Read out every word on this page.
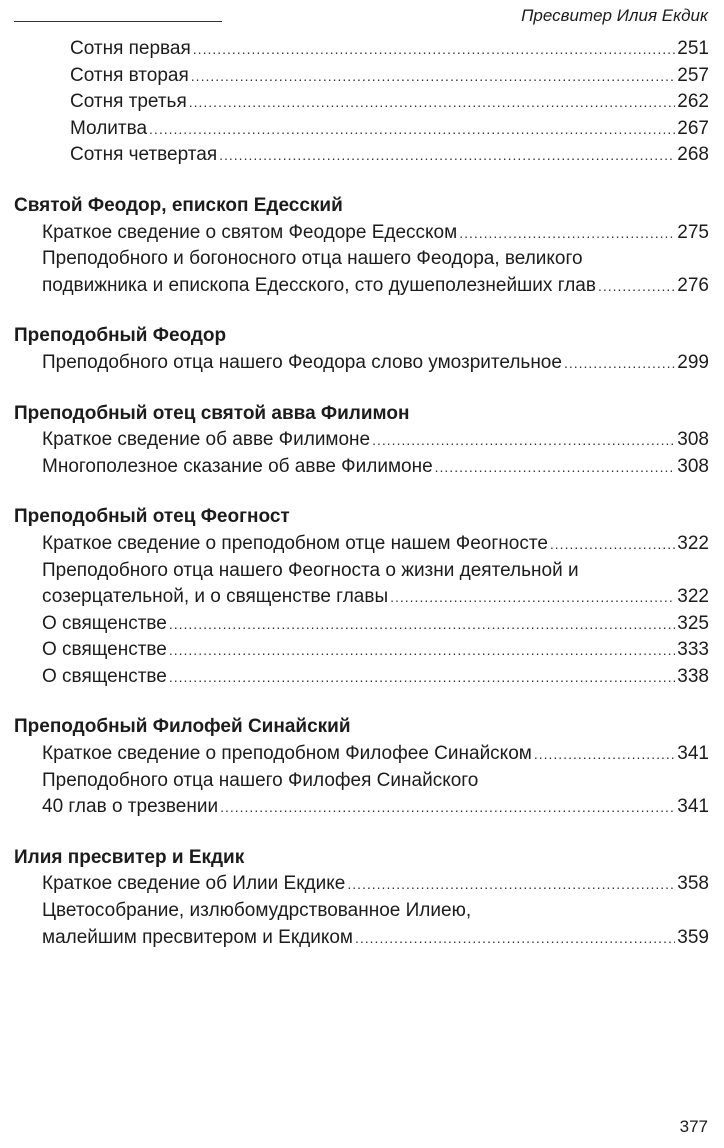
Пресвитер Илия Екдик
Сотня первая .....	251
Сотня вторая .....	257
Сотня третья .....	262
Молитва .....	267
Сотня четвертая .....	268
Святой Феодор, епископ Едесский
Краткое сведение о святом Феодоре Едесском .....	275
Преподобного и богоносного отца нашего Феодора, великого
подвижника и епископа Едесского, сто душеполезнейших глав .....	276
Преподобный Феодор
Преподобного отца нашего Феодора слово умозрительное .....	299
Преподобный отец святой авва Филимон
Краткое сведение об авве Филимоне .....	308
Многополезное сказание об авве Филимоне .....	308
Преподобный отец Феогност
Краткое сведение о преподобном отце нашем Феогносте .....	322
Преподобного отца нашего Феогноста о жизни деятельной и
созерцательной, и о священстве главы .....	322
О священстве .....	325
О священстве .....	333
О священстве .....	338
Преподобный Филофей Синайский
Краткое сведение о преподобном Филофее Синайском .....	341
Преподобного отца нашего Филофея Синайского
40 глав о трезвении .....	341
Илия пресвитер и Екдик
Краткое сведение об Илии Екдике .....	358
Цветособрание, излюбомудрствованное Илиею,
малейшим пресвитером и Екдиком .....	359
377
